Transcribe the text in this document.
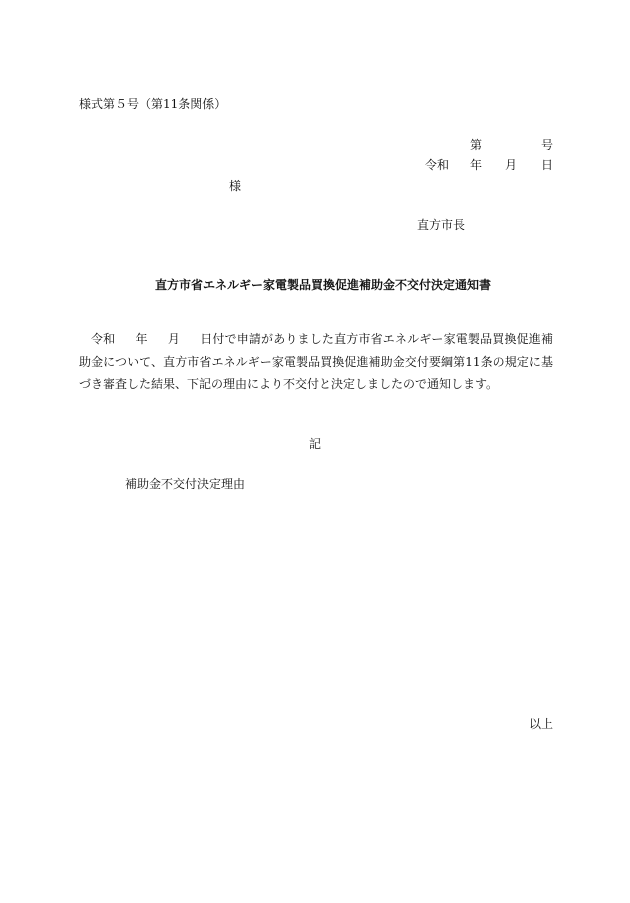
様式第５号（第11条関係）
第	号
令和 年 月 日
様
直方市長
直方市省エネルギー家電製品買換促進補助金不交付決定通知書
令和 年 月 日付で申請がありました直方市省エネルギー家電製品買換促進補助金について、直方市省エネルギー家電製品買換促進補助金交付要綱第11条の規定に基づき審査した結果、下記の理由により不交付と決定しましたので通知します。
記
補助金不交付決定理由
以上
